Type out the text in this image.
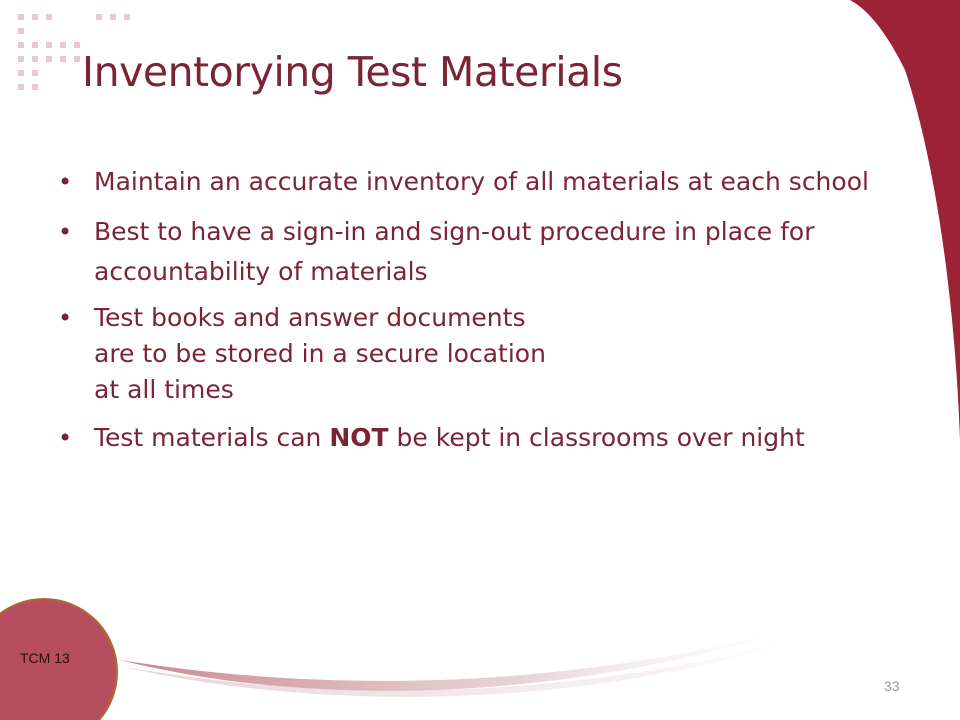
Inventorying Test Materials
• Maintain an accurate inventory of all materials at each school
• Best to have a sign-in and sign-out procedure in place for accountability of materials
• Test books and answer documents
are to be stored in a secure location
at all times
• Test materials can NOT be kept in classrooms over night
TCM 13
33
